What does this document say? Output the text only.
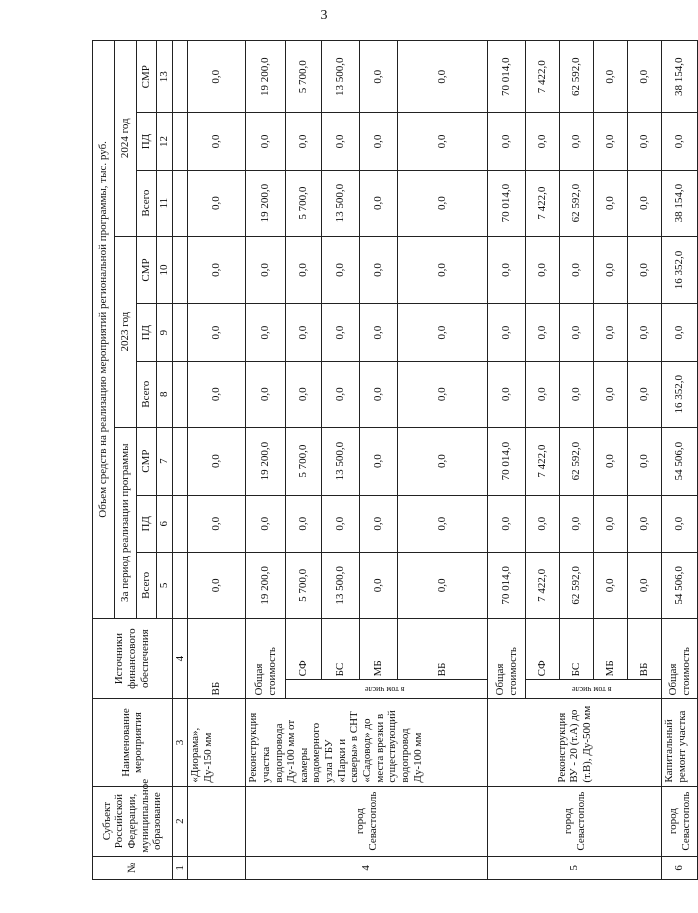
3
№	Субъект Российской Федерации, муниципальное образование	Наименование мероприятия	Источники финансового обеспечения		Объем средств на реализацию мероприятий региональной программы, тыс. руб.								
					За период реализации программы			2023 год			2024 год		
					Всего	ПД	СМР	Всего	ПД	СМР	Всего	ПД	СМР
					5	6	7	8	9	10	11	12	13
1	2	3	4										
		«Диорама», Ду-150 мм	ВБ		0,0	0,0	0,0	0,0	0,0	0,0	0,0	0,0	0,0
4	город Севастополь	Реконструкция участка водопровода Ду-100 мм от камеры водомерного узла ГБУ «Парки и скверы» в СНТ «Садовод» до места врезки в существующий водопровод Ду-100 мм	Общая стоимость		19 200,0	0,0	19 200,0	0,0	0,0	0,0	19 200,0	0,0	19 200,0
			в том числе	СФ	5 700,0	0,0	5 700,0	0,0	0,0	0,0	5 700,0	0,0	5 700,0
				БС	13 500,0	0,0	13 500,0	0,0	0,0	0,0	13 500,0	0,0	13 500,0
				МБ	0,0	0,0	0,0	0,0	0,0	0,0	0,0	0,0	0,0
				ВБ	0,0	0,0	0,0	0,0	0,0	0,0	0,0	0,0	0,0
5	город Севастополь	Реконструкция ВУ - 20 (т.А) до (т.В), Ду-500 мм	Общая стоимость		70 014,0	0,0	70 014,0	0,0	0,0	0,0	70 014,0	0,0	70 014,0
			в том числе	СФ	7 422,0	0,0	7 422,0	0,0	0,0	0,0	7 422,0	0,0	7 422,0
				БС	62 592,0	0,0	62 592,0	0,0	0,0	0,0	62 592,0	0,0	62 592,0
				МБ	0,0	0,0	0,0	0,0	0,0	0,0	0,0	0,0	0,0
				ВБ	0,0	0,0	0,0	0,0	0,0	0,0	0,0	0,0	0,0
6	город Севастополь	Капитальный ремонт участка	Общая стоимость		54 506,0	0,0	54 506,0	16 352,0	0,0	16 352,0	38 154,0	0,0	38 154,0
